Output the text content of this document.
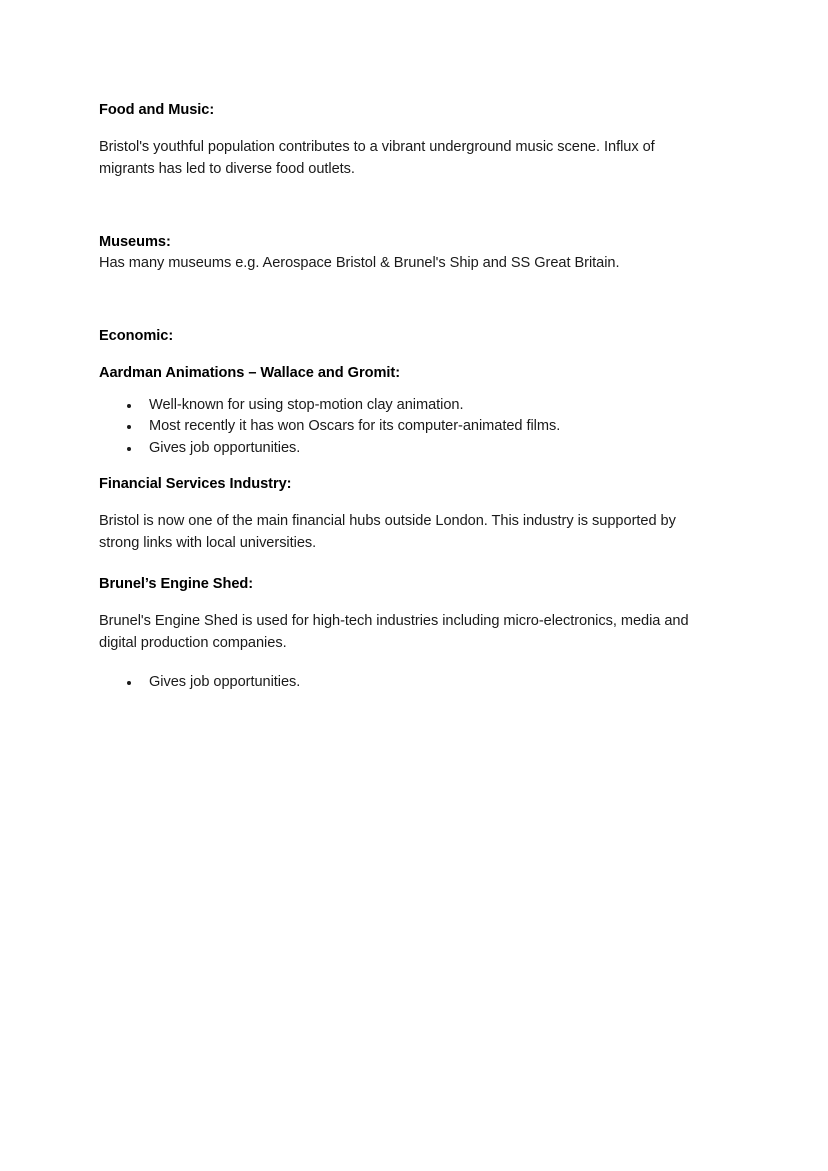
Food and Music:

Bristol's youthful population contributes to a vibrant underground music scene. Influx of migrants has led to diverse food outlets.

Museums:

Has many museums e.g. Aerospace Bristol & Brunel's Ship and SS Great Britain.

Economic:

Aardman Animations – Wallace and Gromit:

Well-known for using stop-motion clay animation.
Most recently it has won Oscars for its computer-animated films.
Gives job opportunities.

Financial Services Industry:

Bristol is now one of the main financial hubs outside London. This industry is supported by strong links with local universities.

Brunel’s Engine Shed:

Brunel's Engine Shed is used for high-tech industries including micro-electronics, media and digital production companies.

Gives job opportunities.
